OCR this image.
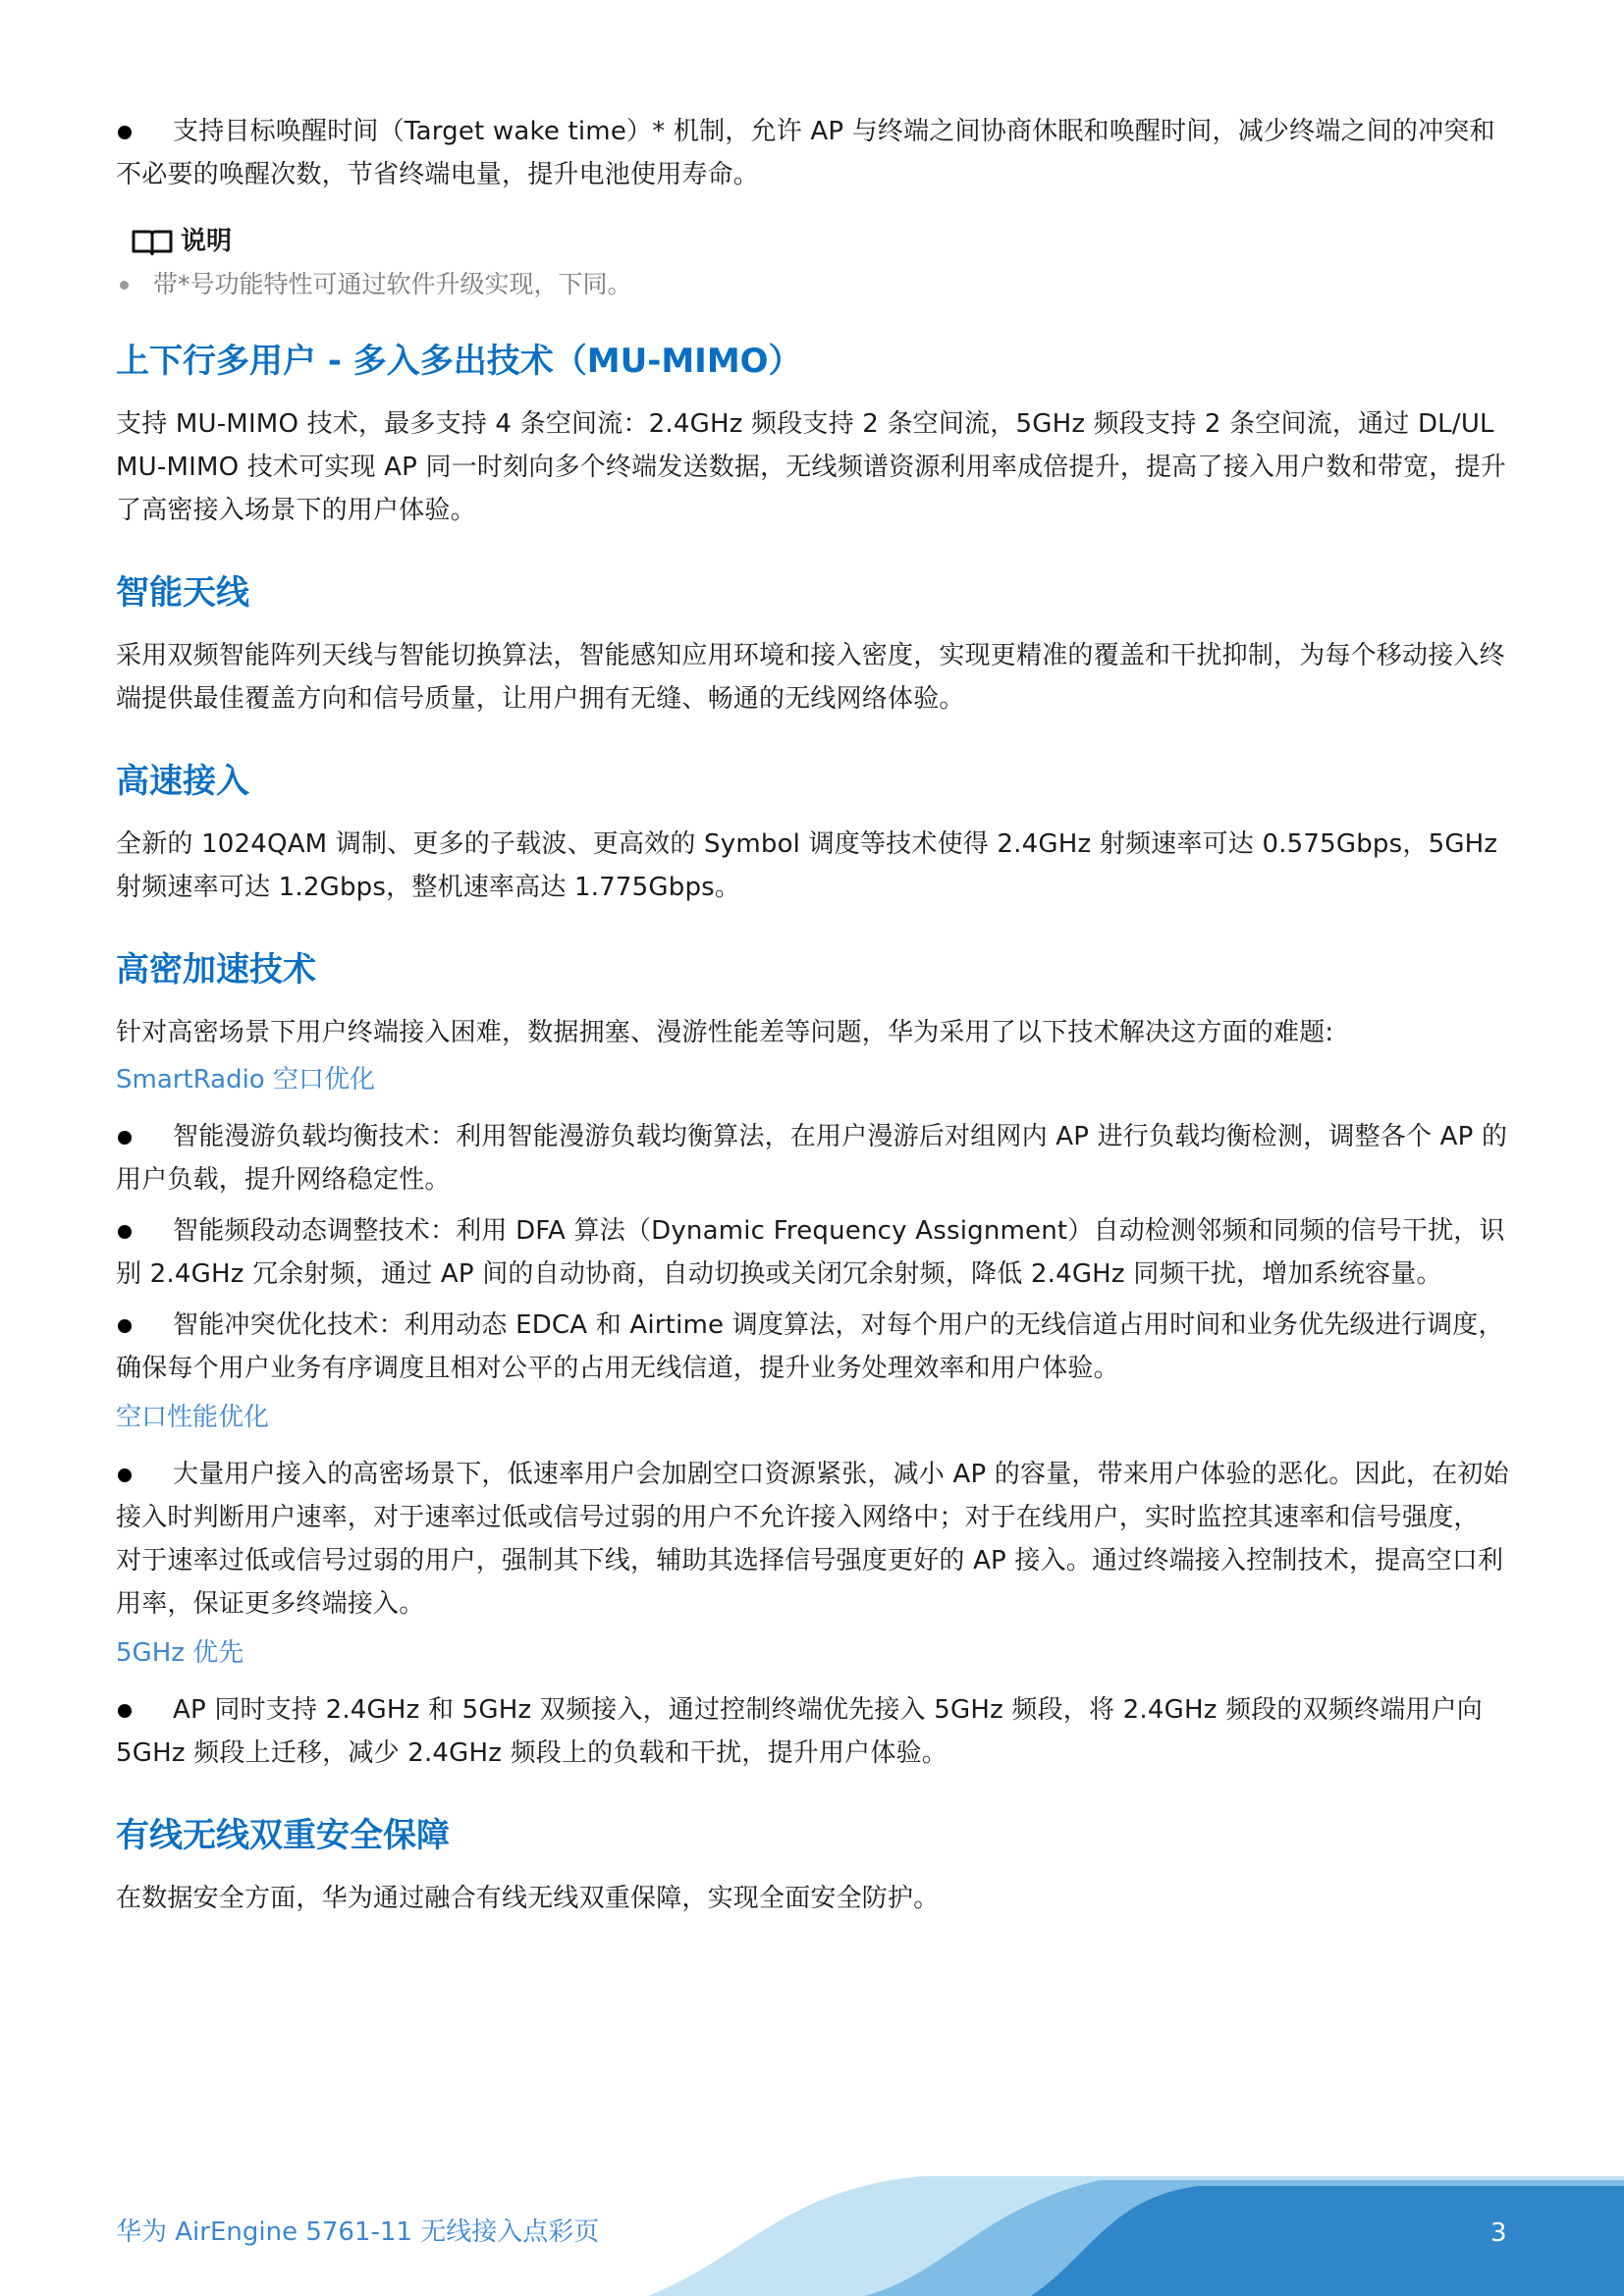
支持目标唤醒时间（Target wake time）* 机制，允许 AP 与终端之间协商休眠和唤醒时间，减少终端之间的冲突和不必要的唤醒次数，节省终端电量，提升电池使用寿命。

说明

带*号功能特性可通过软件升级实现，下同。

上下行多用户 - 多入多出技术（MU-MIMO）

支持 MU-MIMO 技术，最多支持 4 条空间流：2.4GHz 频段支持 2 条空间流，5GHz 频段支持 2 条空间流，通过 DL/UL MU-MIMO 技术可实现 AP 同一时刻向多个终端发送数据，无线频谱资源利用率成倍提升，提高了接入用户数和带宽，提升了高密接入场景下的用户体验。

智能天线

采用双频智能阵列天线与智能切换算法，智能感知应用环境和接入密度，实现更精准的覆盖和干扰抑制，为每个移动接入终端提供最佳覆盖方向和信号质量，让用户拥有无缝、畅通的无线网络体验。

高速接入

全新的 1024QAM 调制、更多的子载波、更高效的 Symbol 调度等技术使得 2.4GHz 射频速率可达 0.575Gbps，5GHz 射频速率可达 1.2Gbps，整机速率高达 1.775Gbps。

高密加速技术

针对高密场景下用户终端接入困难，数据拥塞、漫游性能差等问题，华为采用了以下技术解决这方面的难题:

SmartRadio 空口优化

智能漫游负载均衡技术：利用智能漫游负载均衡算法，在用户漫游后对组网内 AP 进行负载均衡检测，调整各个 AP 的用户负载，提升网络稳定性。

智能频段动态调整技术：利用 DFA 算法（Dynamic Frequency Assignment）自动检测邻频和同频的信号干扰，识别 2.4GHz 冗余射频，通过 AP 间的自动协商，自动切换或关闭冗余射频，降低 2.4GHz 同频干扰，增加系统容量。

智能冲突优化技术：利用动态 EDCA 和 Airtime 调度算法，对每个用户的无线信道占用时间和业务优先级进行调度，确保每个用户业务有序调度且相对公平的占用无线信道，提升业务处理效率和用户体验。

空口性能优化

大量用户接入的高密场景下，低速率用户会加剧空口资源紧张，减小 AP 的容量，带来用户体验的恶化。因此，在初始接入时判断用户速率，对于速率过低或信号过弱的用户不允许接入网络中；对于在线用户，实时监控其速率和信号强度， 对于速率过低或信号过弱的用户，强制其下线，辅助其选择信号强度更好的 AP 接入。通过终端接入控制技术，提高空口利用率，保证更多终端接入。

5GHz 优先

AP 同时支持 2.4GHz 和 5GHz 双频接入，通过控制终端优先接入 5GHz 频段，将 2.4GHz 频段的双频终端用户向 5GHz 频段上迁移，减少 2.4GHz 频段上的负载和干扰，提升用户体验。

有线无线双重安全保障

在数据安全方面，华为通过融合有线无线双重保障，实现全面安全防护。

华为 AirEngine 5761-11 无线接入点彩页	3
